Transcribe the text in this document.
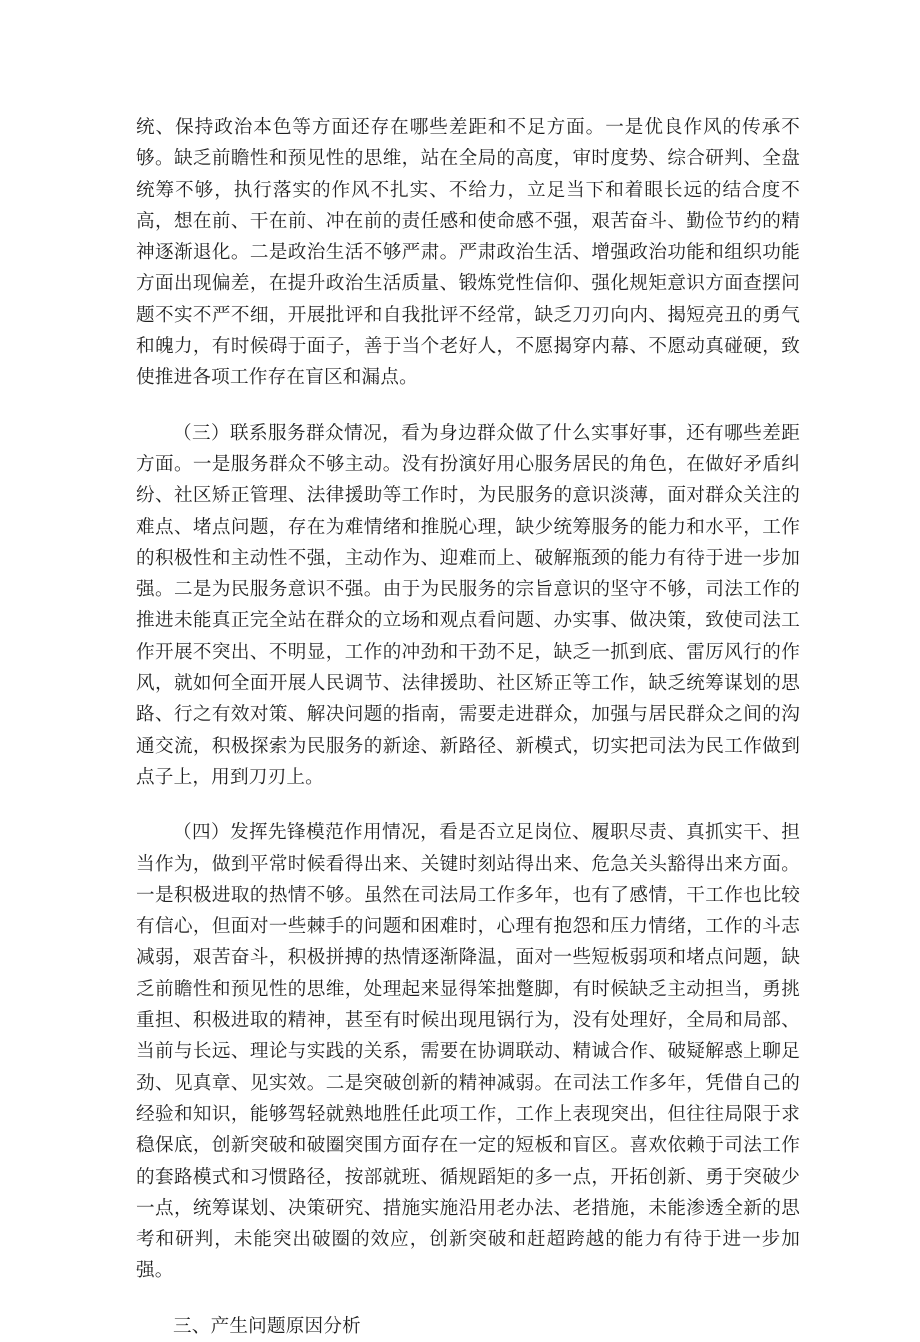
统、保持政治本色等方面还存在哪些差距和不足方面。一是优良作风的传承不够。缺乏前瞻性和预见性的思维，站在全局的高度，审时度势、综合研判、全盘统筹不够，执行落实的作风不扎实、不给力，立足当下和着眼长远的结合度不高，想在前、干在前、冲在前的责任感和使命感不强，艰苦奋斗、勤俭节约的精神逐渐退化。二是政治生活不够严肃。严肃政治生活、增强政治功能和组织功能方面出现偏差，在提升政治生活质量、锻炼党性信仰、强化规矩意识方面查摆问题不实不严不细，开展批评和自我批评不经常，缺乏刀刃向内、揭短亮丑的勇气和魄力，有时候碍于面子，善于当个老好人，不愿揭穿内幕、不愿动真碰硬，致使推进各项工作存在盲区和漏点。

（三）联系服务群众情况，看为身边群众做了什么实事好事，还有哪些差距方面。一是服务群众不够主动。没有扮演好用心服务居民的角色，在做好矛盾纠纷、社区矫正管理、法律援助等工作时，为民服务的意识淡薄，面对群众关注的难点、堵点问题，存在为难情绪和推脱心理，缺少统筹服务的能力和水平，工作的积极性和主动性不强，主动作为、迎难而上、破解瓶颈的能力有待于进一步加强。二是为民服务意识不强。由于为民服务的宗旨意识的坚守不够，司法工作的推进未能真正完全站在群众的立场和观点看问题、办实事、做决策，致使司法工作开展不突出、不明显，工作的冲劲和干劲不足，缺乏一抓到底、雷厉风行的作风，就如何全面开展人民调节、法律援助、社区矫正等工作，缺乏统筹谋划的思路、行之有效对策、解决问题的指南，需要走进群众，加强与居民群众之间的沟通交流，积极探索为民服务的新途、新路径、新模式，切实把司法为民工作做到点子上，用到刀刃上。

（四）发挥先锋模范作用情况，看是否立足岗位、履职尽责、真抓实干、担当作为，做到平常时候看得出来、关键时刻站得出来、危急关头豁得出来方面。一是积极进取的热情不够。虽然在司法局工作多年，也有了感情，干工作也比较有信心，但面对一些棘手的问题和困难时，心理有抱怨和压力情绪，工作的斗志减弱，艰苦奋斗，积极拼搏的热情逐渐降温，面对一些短板弱项和堵点问题，缺乏前瞻性和预见性的思维，处理起来显得笨拙蹩脚，有时候缺乏主动担当，勇挑重担、积极进取的精神，甚至有时候出现甩锅行为，没有处理好，全局和局部、当前与长远、理论与实践的关系，需要在协调联动、精诚合作、破疑解惑上聊足劲、见真章、见实效。二是突破创新的精神减弱。在司法工作多年，凭借自己的经验和知识，能够驾轻就熟地胜任此项工作，工作上表现突出，但往往局限于求稳保底，创新突破和破圈突围方面存在一定的短板和盲区。喜欢依赖于司法工作的套路模式和习惯路径，按部就班、循规蹈矩的多一点，开拓创新、勇于突破少一点，统筹谋划、决策研究、措施实施沿用老办法、老措施，未能渗透全新的思考和研判，未能突出破圈的效应，创新突破和赶超跨越的能力有待于进一步加强。

三、产生问题原因分析
